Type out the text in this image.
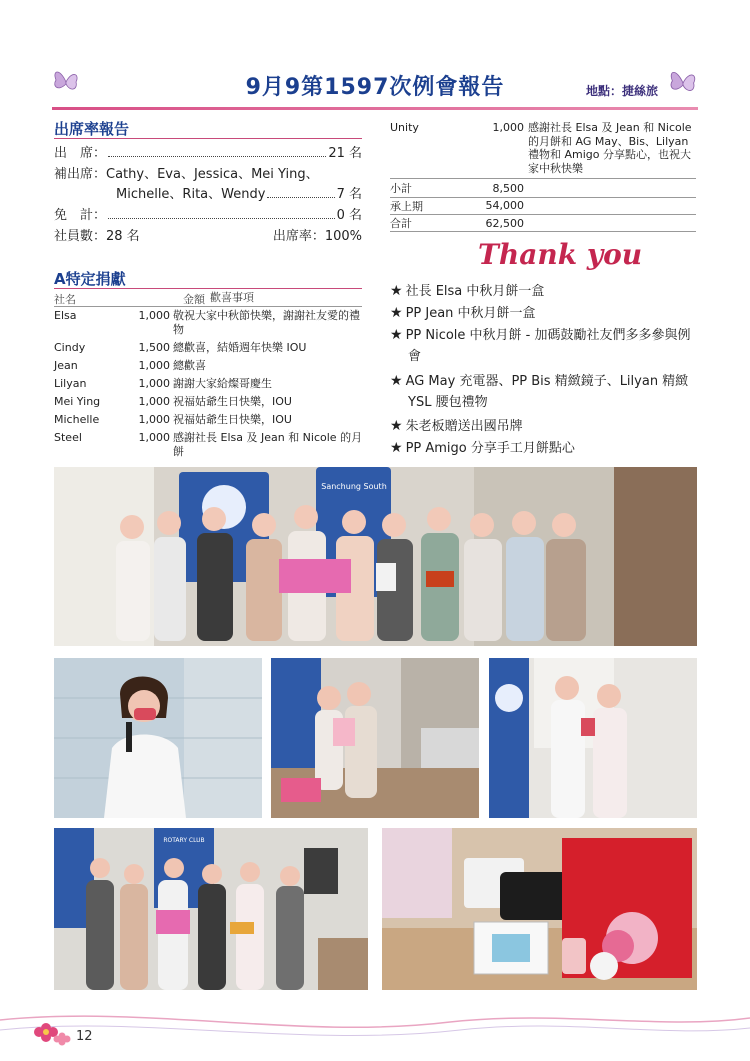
9月9第1597次例會報告	地點：捷絲旅
出席率報告
出　席：	21 名
補出席： Cathy、Eva、Jessica、Mei Ying、
Michelle、Rita、Wendy	7 名
免　計：	0 名
社員數：28 名	出席率：100%
A特定捐獻
社名	金額 歡喜事項
Elsa	1,000 敬祝大家中秋節快樂，謝謝社友愛的禮物
Cindy	1,500 總歡喜，結婚週年快樂 IOU
Jean	1,000 總歡喜
Lilyan	1,000 謝謝大家給燦哥慶生
Mei Ying	1,000 祝福姑爺生日快樂，IOU
Michelle	1,000 祝福姑爺生日快樂，IOU
Steel	1,000 感謝社長 Elsa 及 Jean 和 Nicole 的月餅
Unity	1,000 感謝社長 Elsa 及 Jean 和 Nicole 的月餅和 AG May、Bis、Lilyan 禮物和 Amigo 分享點心，也祝大家中秋快樂
小計	8,500
承上期	54,000
合計	62,500
Thank you
★ 社長 Elsa 中秋月餅一盒
★ PP Jean 中秋月餅一盒
★ PP Nicole 中秋月餅 - 加碼鼓勵社友們多多參與例會
★ AG May 充電器、PP Bis 精緻鏡子、Lilyan 精緻 YSL 腰包禮物
★ 朱老板贈送出國吊牌
★ PP Amigo 分享手工月餅點心
Sanchung South
ROTARY CLUB
12
